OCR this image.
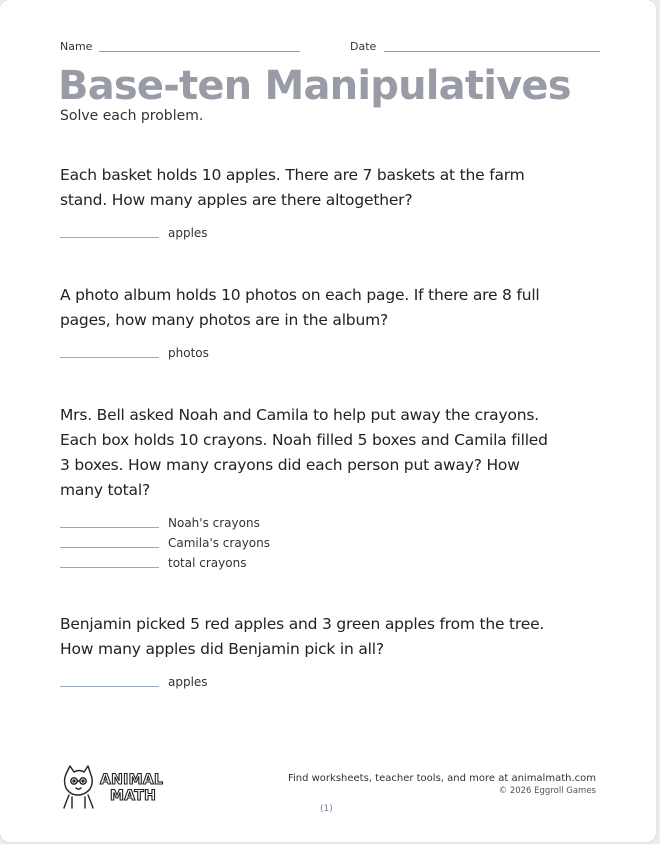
Name	Date
Base-ten Manipulatives
Solve each problem.
Each basket holds 10 apples. There are 7 baskets at the farm stand. How many apples are there altogether?
apples
A photo album holds 10 photos on each page. If there are 8 full pages, how many photos are in the album?
photos
Mrs. Bell asked Noah and Camila to help put away the crayons. Each box holds 10 crayons. Noah filled 5 boxes and Camila filled 3 boxes. How many crayons did each person put away? How many total?
Noah's crayons
Camila's crayons
total crayons
Benjamin picked 5 red apples and 3 green apples from the tree. How many apples did Benjamin pick in all?
apples
ANIMAL
MATH
Find worksheets, teacher tools, and more at animalmath.com
© 2026 Eggroll Games
(1)
